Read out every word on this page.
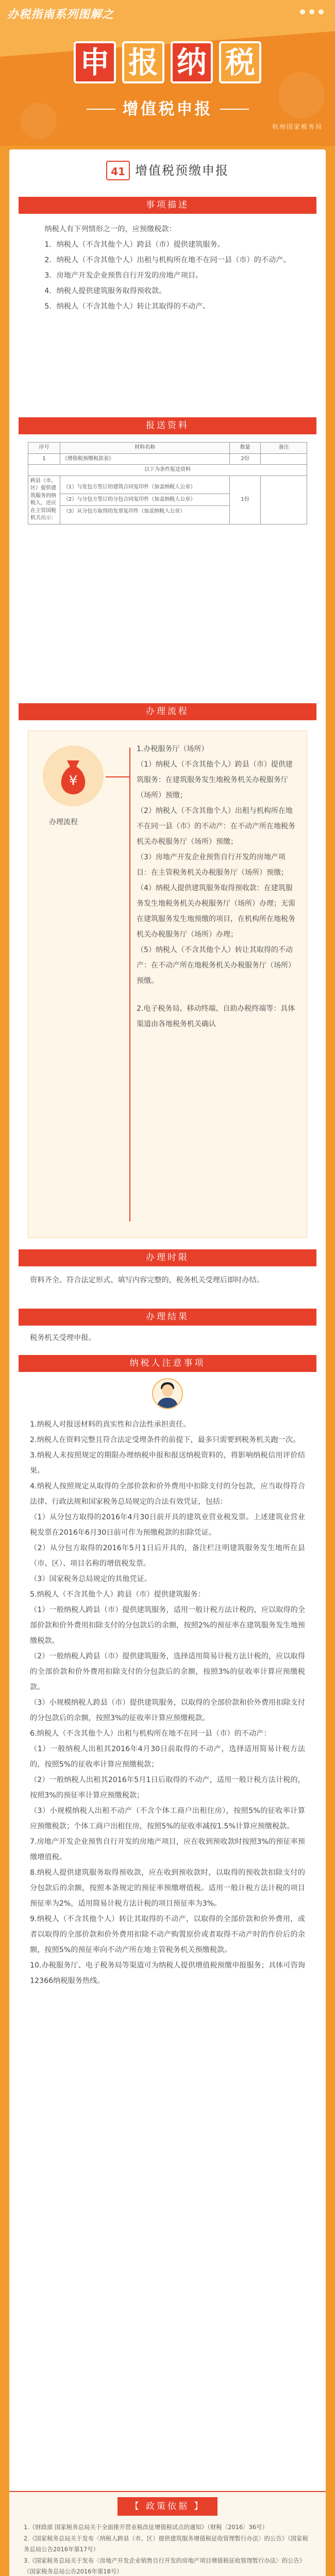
办税指南系列图解之
申 报 纳 税
增值税申报
杭州国家税务局
41 增值税预缴申报
事项描述

纳税人有下列情形之一的，应预缴税款：

1．纳税人（不含其他个人）跨县（市）提供建筑服务。

2．纳税人（不含其他个人）出租与机构所在地不在同一县（市）的不动产。

3．房地产开发企业预售自行开发的房地产项目。

4．纳税人提供建筑服务取得预收款。

5．纳税人（不含其他个人）转让其取得的不动产。

报送资料
序号	材料名称	数量	备注
1	《增值税预缴税款表》	2份	
以下为条件报送资料			
跨县（市、区）提供建筑服务的纳税人，还应在主管国税机关出示：	（1）与发包方签订的建筑合同复印件（加盖纳税人公章）
（2）与分包方签订的分包合同复印件（加盖纳税人公章）
（3）从分包方取得的发票复印件（加盖纳税人公章）	1份	
办理流程
¥
办理流程

1.办税服务厅（场所）

（1）纳税人（不含其他个人）跨县（市）提供建筑服务：在建筑服务发生地税务机关办税服务厅（场所）预缴；

（2）纳税人（不含其他个人）出租与机构所在地不在同一县（市）的不动产：在不动产所在地税务机关办税服务厅（场所）预缴；

（3）房地产开发企业预售自行开发的房地产项目：在主管税务机关办税服务厅（场所）预缴；

（4）纳税人提供建筑服务取得预收款：在建筑服务发生地税务机关办税服务厅（场所）办理；无需在建筑服务发生地预缴的项目，在机构所在地税务机关办税服务厅（场所）办理；

（5）纳税人（不含其他个人）转让其取得的不动产：在不动产所在地税务机关办税服务厅（场所）预缴。

2.电子税务局、移动终端、自助办税终端等：具体渠道由各地税务机关确认

办理时限

资料齐全、符合法定形式、填写内容完整的，税务机关受理后即时办结。

办理结果

税务机关受理申报。

纳税人注意事项

1.纳税人对报送材料的真实性和合法性承担责任。

2.纳税人在资料完整且符合法定受理条件的前提下，最多只需要到税务机关跑一次。

3.纳税人未按照规定的期限办理纳税申报和报送纳税资料的，将影响纳税信用评价结果。

4.纳税人按照规定从取得的全部价款和价外费用中扣除支付的分包款，应当取得符合法律、行政法规和国家税务总局规定的合法有效凭证，包括：

（1）从分包方取得的2016年4月30日前开具的建筑业营业税发票。上述建筑业营业税发票在2016年6月30日前可作为预缴税款的扣除凭证。

（2）从分包方取得的2016年5月1日后开具的，备注栏注明建筑服务发生地所在县（市、区）、项目名称的增值税发票。

（3）国家税务总局规定的其他凭证。

5.纳税人（不含其他个人）跨县（市）提供建筑服务：

（1）一般纳税人跨县（市）提供建筑服务，适用一般计税方法计税的，应以取得的全部价款和价外费用扣除支付的分包款后的余额，按照2%的预征率在建筑服务发生地预缴税款。

（2）一般纳税人跨县（市）提供建筑服务，选择适用简易计税方法计税的，应以取得的全部价款和价外费用扣除支付的分包款后的余额，按照3%的征收率计算应预缴税款。

（3）小规模纳税人跨县（市）提供建筑服务，以取得的全部价款和价外费用扣除支付的分包款后的余额，按照3%的征收率计算应预缴税款。

6.纳税人（不含其他个人）出租与机构所在地不在同一县（市）的不动产：

（1）一般纳税人出租其2016年4月30日前取得的不动产，选择适用简易计税方法的，按照5%的征收率计算应预缴税款；

（2）一般纳税人出租其2016年5月1日后取得的不动产，适用一般计税方法计税的，按照3%的预征率计算应预缴税款；

（3）小规模纳税人出租不动产（不含个体工商户出租住房），按照5%的征收率计算应预缴税款；个体工商户出租住房，按照5%的征收率减按1.5%计算应预缴税款。

7.房地产开发企业预售自行开发的房地产项目，应在收到预收款时按照3%的预征率预缴增值税。

8.纳税人提供建筑服务取得预收款，应在收到预收款时，以取得的预收款扣除支付的分包款后的余额，按照本条规定的预征率预缴增值税。适用一般计税方法计税的项目预征率为2%，适用简易计税方法计税的项目预征率为3%。

9.纳税人（不含其他个人）转让其取得的不动产，以取得的全部价款和价外费用，或者以取得的全部价款和价外费用扣除不动产购置原价或者取得不动产时的作价后的余额，按照5%的预征率向不动产所在地主管税务机关预缴税款。

10.办税服务厅、电子税务局等渠道可为纳税人提供增值税预缴申报服务；具体可咨询12366纳税服务热线。

【 政策依据 】

1.《财政部 国家税务总局关于全面推开营业税改征增值税试点的通知》（财税〔2016〕36号）

2.《国家税务总局关于发布〈纳税人跨县（市、区）提供建筑服务增值税征收管理暂行办法〉的公告》（国家税务总局公告2016年第17号）

3.《国家税务总局关于发布〈房地产开发企业销售自行开发的房地产项目增值税征收管理暂行办法〉的公告》（国家税务总局公告2016年第18号）
